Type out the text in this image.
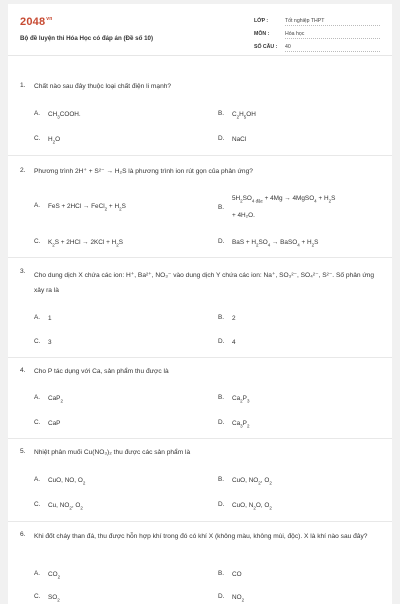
$2048^{vn}$
Bộ đề luyện thi Hóa Học có đáp án (Đề số 10)
LỚP :	Tốt nghiệp THPT
MÔN :	Hóa học
SỐ CÂU : 40
1. Chất nào sau đây thuộc loại chất điện li mạnh?
A. $CH_3COOH$.	B. $C_2H_5OH$
C. $H_2O$	D. NaCl
2. Phương trình 2H⁺ + S²⁻ → H₂S là phương trình ion rút gọn của phản ứng?
A. FeS + 2HCl → FeCl$_2$ + $H_2S$	B.
$5H_2SO_{4 đặc} + 4Mg$ → 4MgSO$_4$ + $H_2S$
+ 4H₂O.
C. $K_2S + 2HCl \to 2KCl + H_2S$	D. BaS + $H_2SO_4$ → BaSO$_4$ + $H_2S$
3.
Cho dung dịch X chứa các ion: H⁺, Ba²⁺, NO₃⁻ vào dung dịch Y chứa các ion: Na⁺, SO₃²⁻, SO₄²⁻, S²⁻. Số phản ứng xảy ra là
A. 1	B. 2
C. 3	D. 4
4. Cho P tác dụng với Ca, sản phẩm thu được là
A. CaP$_2$	B. $Ca_2P_3$
C. CaP	D. $Ca_3P_2$
5. Nhiệt phân muối Cu(NO₃)₂ thu được các sản phẩm là
A. CuO, NO, $O_2$	B. CuO, $NO_2$, $O_2$
C. Cu, $NO_2$, $O_2$	D. CuO, $N_2O$, $O_2$
6. Khi đốt cháy than đá, thu được hỗn hợp khí trong đó có khí X (không màu, không mùi, độc). X là khí nào sau đây?
A. $CO_2$	B. CO
C. $SO_2$	D. $NO_2$
